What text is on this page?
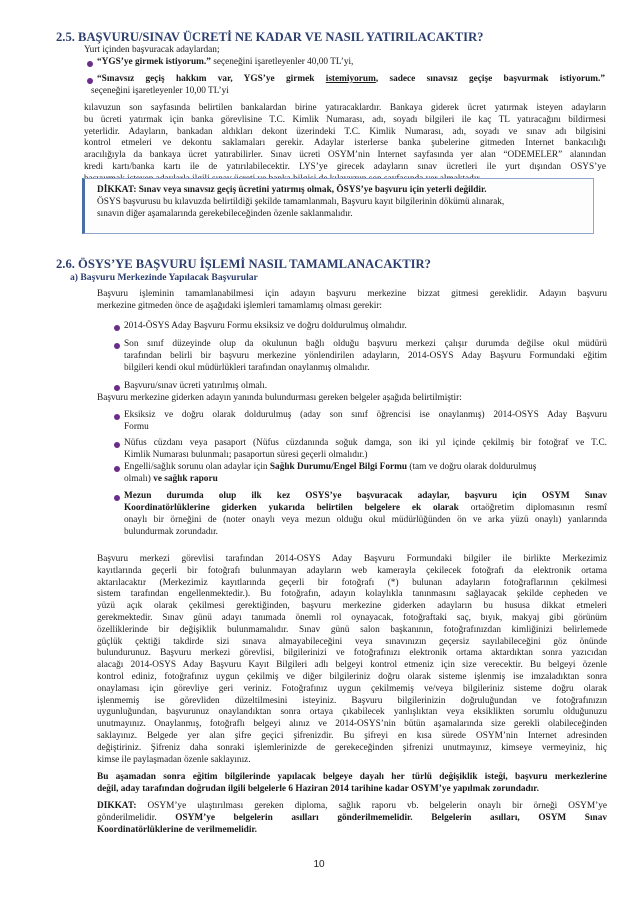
2.5. BAŞVURU/SINAV ÜCRETİ NE KADAR VE NASIL YATIRILACAKTIR?
Yurt içinden başvuracak adaylardan;
“YGS’ye girmek istiyorum.” seçeneğini işaretleyenler 40,00 TL’yi,
“Sınavsız geçiş hakkım var, YGS’ye girmek istemiyorum, sadece sınavsız geçişe başvurmak istiyorum.”
seçeneğini işaretleyenler 10,00 TL’yi
kılavuzun son sayfasında belirtilen bankalardan birine yatıracaklardır. Bankaya giderek ücret yatırmak isteyen adayların
bu ücreti yatırmak için banka görevlisine T.C. Kimlik Numarası, adı, soyadı bilgileri ile kaç TL yatıracağını bildirmesi
yeterlidir. Adayların, bankadan aldıkları dekont üzerindeki T.C. Kimlik Numarası, adı, soyadı ve sınav adı bilgisini
kontrol etmeleri ve dekontu saklamaları gerekir. Adaylar isterlerse banka şubelerine gitmeden İnternet bankacılığı
aracılığıyla da bankaya ücret yatırabilirler. Sınav ücreti ÖSYM’nin İnternet sayfasında yer alan “ÖDEMELER” alanından
kredi kartı/banka kartı ile de yatırılabilecektir. LYS’ye girecek adayların sınav ücretleri ile yurt dışından ÖSYS’ye
DİKKAT: Sınav veya sınavsız geçiş ücretini yatırmış olmak, ÖSYS’ye başvuru için yeterli değildir.
ÖSYS başvurusu bu kılavuzda belirtildiği şekilde tamamlanmalı, Başvuru kayıt bilgilerinin dökümü alınarak,
sınavın diğer aşamalarında gerekebileceğinden özenle saklanmalıdır.
2.6. ÖSYS’YE BAŞVURU İŞLEMİ NASIL TAMAMLANACAKTIR?
a) Başvuru Merkezinde Yapılacak Başvurular
Başvuru işleminin tamamlanabilmesi için adayın başvuru merkezine bizzat gitmesi gereklidir. Adayın başvuru
merkezine gitmeden önce de aşağıdaki işlemleri tamamlamış olması gerekir:
2014-ÖSYS Aday Başvuru Formu eksiksiz ve doğru doldurulmuş olmalıdır.
Son sınıf düzeyinde olup da okulunun bağlı olduğu başvuru merkezi çalışır durumda değilse okul müdürü
tarafından belirli bir başvuru merkezine yönlendirilen adayların, 2014-ÖSYS Aday Başvuru Formundaki eğitim
bilgileri kendi okul müdürlükleri tarafından onaylanmış olmalıdır.
Başvuru/sınav ücreti yatırılmış olmalı.
Başvuru merkezine giderken adayın yanında bulundurması gereken belgeler aşağıda belirtilmiştir:
Eksiksiz ve doğru olarak doldurulmuş (aday son sınıf öğrencisi ise onaylanmış) 2014-ÖSYS Aday Başvuru
Formu
Nüfus cüzdanı veya pasaport (Nüfus cüzdanında soğuk damga, son iki yıl içinde çekilmiş bir fotoğraf ve T.C.
Kimlik Numarası bulunmalı; pasaportun süresi geçerli olmalıdır.)
Engelli/sağlık sorunu olan adaylar için Sağlık Durumu/Engel Bilgi Formu (tam ve doğru olarak doldurulmuş
olmalı) ve sağlık raporu
Mezun durumda olup ilk kez ÖSYS’ye başvuracak adaylar, başvuru için ÖSYM Sınav
Koordinatörlüklerine giderken yukarıda belirtilen belgelere ek olarak ortaöğretim diplomasının resmî
onaylı bir örneğini de (noter onaylı veya mezun olduğu okul müdürlüğünden ön ve arka yüzü onaylı) yanlarında
bulundurmak zorundadır.
Başvuru merkezi görevlisi tarafından 2014-ÖSYS Aday Başvuru Formundaki bilgiler ile birlikte Merkezimiz
kayıtlarında geçerli bir fotoğrafı bulunmayan adayların web kamerayla çekilecek fotoğrafı da elektronik ortama
aktarılacaktır (Merkezimiz kayıtlarında geçerli bir fotoğrafı (*) bulunan adayların fotoğraflarının çekilmesi
sistem tarafından engellenmektedir.). Bu fotoğrafın, adayın kolaylıkla tanınmasını sağlayacak şekilde cepheden ve
yüzü açık olarak çekilmesi gerektiğinden, başvuru merkezine giderken adayların bu hususa dikkat etmeleri
gerekmektedir. Sınav günü adayı tanımada önemli rol oynayacak, fotoğraftaki saç, bıyık, makyaj gibi görünüm
özelliklerinde bir değişiklik bulunmamalıdır. Sınav günü salon başkanının, fotoğrafınızdan kimliğinizi belirlemede
güçlük çektiği takdirde sizi sınava almayabileceğini veya sınavınızın geçersiz sayılabileceğini göz önünde
bulundurunuz. Başvuru merkezi görevlisi, bilgilerinizi ve fotoğrafınızı elektronik ortama aktardıktan sonra yazıcıdan
alacağı 2014-ÖSYS Aday Başvuru Kayıt Bilgileri adlı belgeyi kontrol etmeniz için size verecektir. Bu belgeyi özenle
kontrol ediniz, fotoğrafınız uygun çekilmiş ve diğer bilgileriniz doğru olarak sisteme işlenmiş ise imzaladıktan sonra
onaylaması için görevliye geri veriniz. Fotoğrafınız uygun çekilmemiş ve/veya bilgileriniz sisteme doğru olarak
işlenmemiş ise görevliden düzeltilmesini isteyiniz. Başvuru bilgilerinizin doğruluğundan ve fotoğrafınızın
uygunluğundan, başvurunuz onaylandıktan sonra ortaya çıkabilecek yanlışlıktan veya eksiklikten sorumlu olduğunuzu
unutmayınız. Onaylanmış, fotoğraflı belgeyi alınız ve 2014-ÖSYS’nin bütün aşamalarında size gerekli olabileceğinden
saklayınız. Belgede yer alan şifre geçici şifrenizdir. Bu şifreyi en kısa sürede ÖSYM’nin İnternet adresinden
değiştiriniz. Şifreniz daha sonraki işlemlerinizde de gerekeceğinden şifrenizi unutmayınız, kimseye vermeyiniz, hiç
kimse ile paylaşmadan özenle saklayınız.
Bu aşamadan sonra eğitim bilgilerinde yapılacak belgeye dayalı her türlü değişiklik isteği, başvuru merkezlerine
değil, aday tarafından doğrudan ilgili belgelerle 6 Haziran 2014 tarihine kadar ÖSYM’ye yapılmak zorundadır.
DİKKAT: ÖSYM’ye ulaştırılması gereken diploma, sağlık raporu vb. belgelerin onaylı bir örneği ÖSYM’ye
gönderilmelidir. ÖSYM’ye belgelerin asılları gönderilmemelidir. Belgelerin asılları, ÖSYM Sınav
Koordinatörlüklerine de verilmemelidir.
10
